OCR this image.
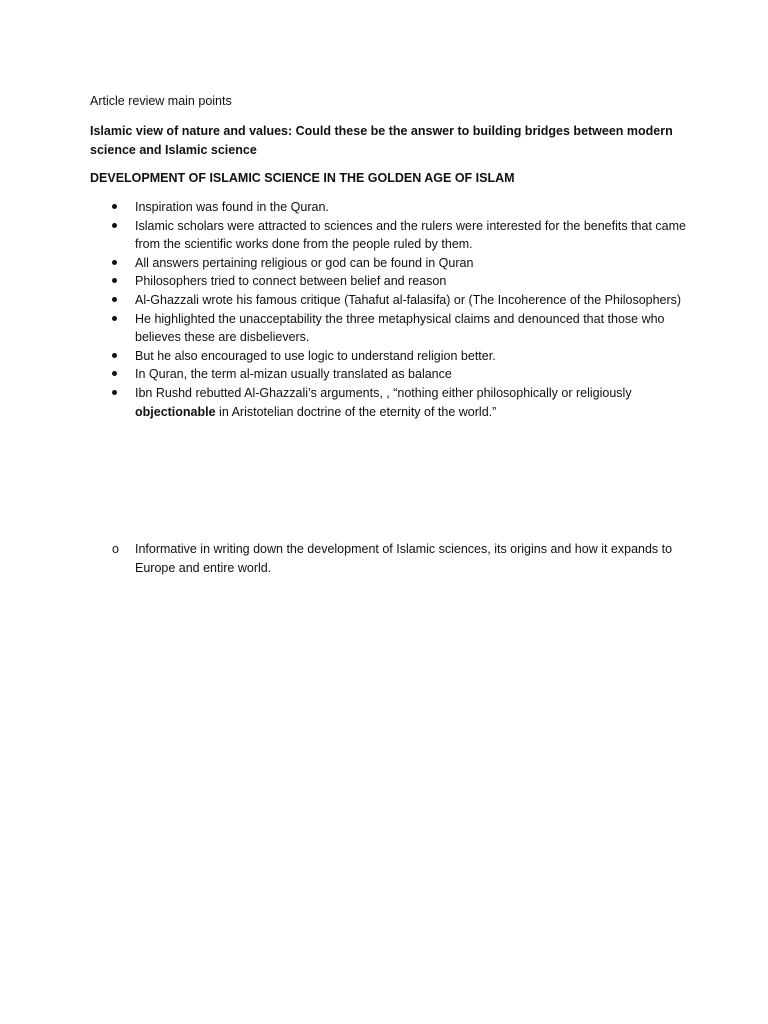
Article review main points

Islamic view of nature and values: Could these be the answer to building bridges between modern science and Islamic science

DEVELOPMENT OF ISLAMIC SCIENCE IN THE GOLDEN AGE OF ISLAM

Inspiration was found in the Quran.
Islamic scholars were attracted to sciences and the rulers were interested for the benefits that came from the scientific works done from the people ruled by them.
All answers pertaining religious or god can be found in Quran
Philosophers tried to connect between belief and reason
Al-Ghazzali wrote his famous critique (Tahafut al-falasifa) or (The Incoherence of the Philosophers)
He highlighted the unacceptability the three metaphysical claims and denounced that those who believes these are disbelievers.
But he also encouraged to use logic to understand religion better.
In Quran, the term al-mizan usually translated as balance
Ibn Rushd rebutted Al-Ghazzali’s arguments, , “nothing either philosophically or religiously objectionable in Aristotelian doctrine of the eternity of the world.”
o Informative in writing down the development of Islamic sciences, its origins and how it expands to Europe and entire world.
